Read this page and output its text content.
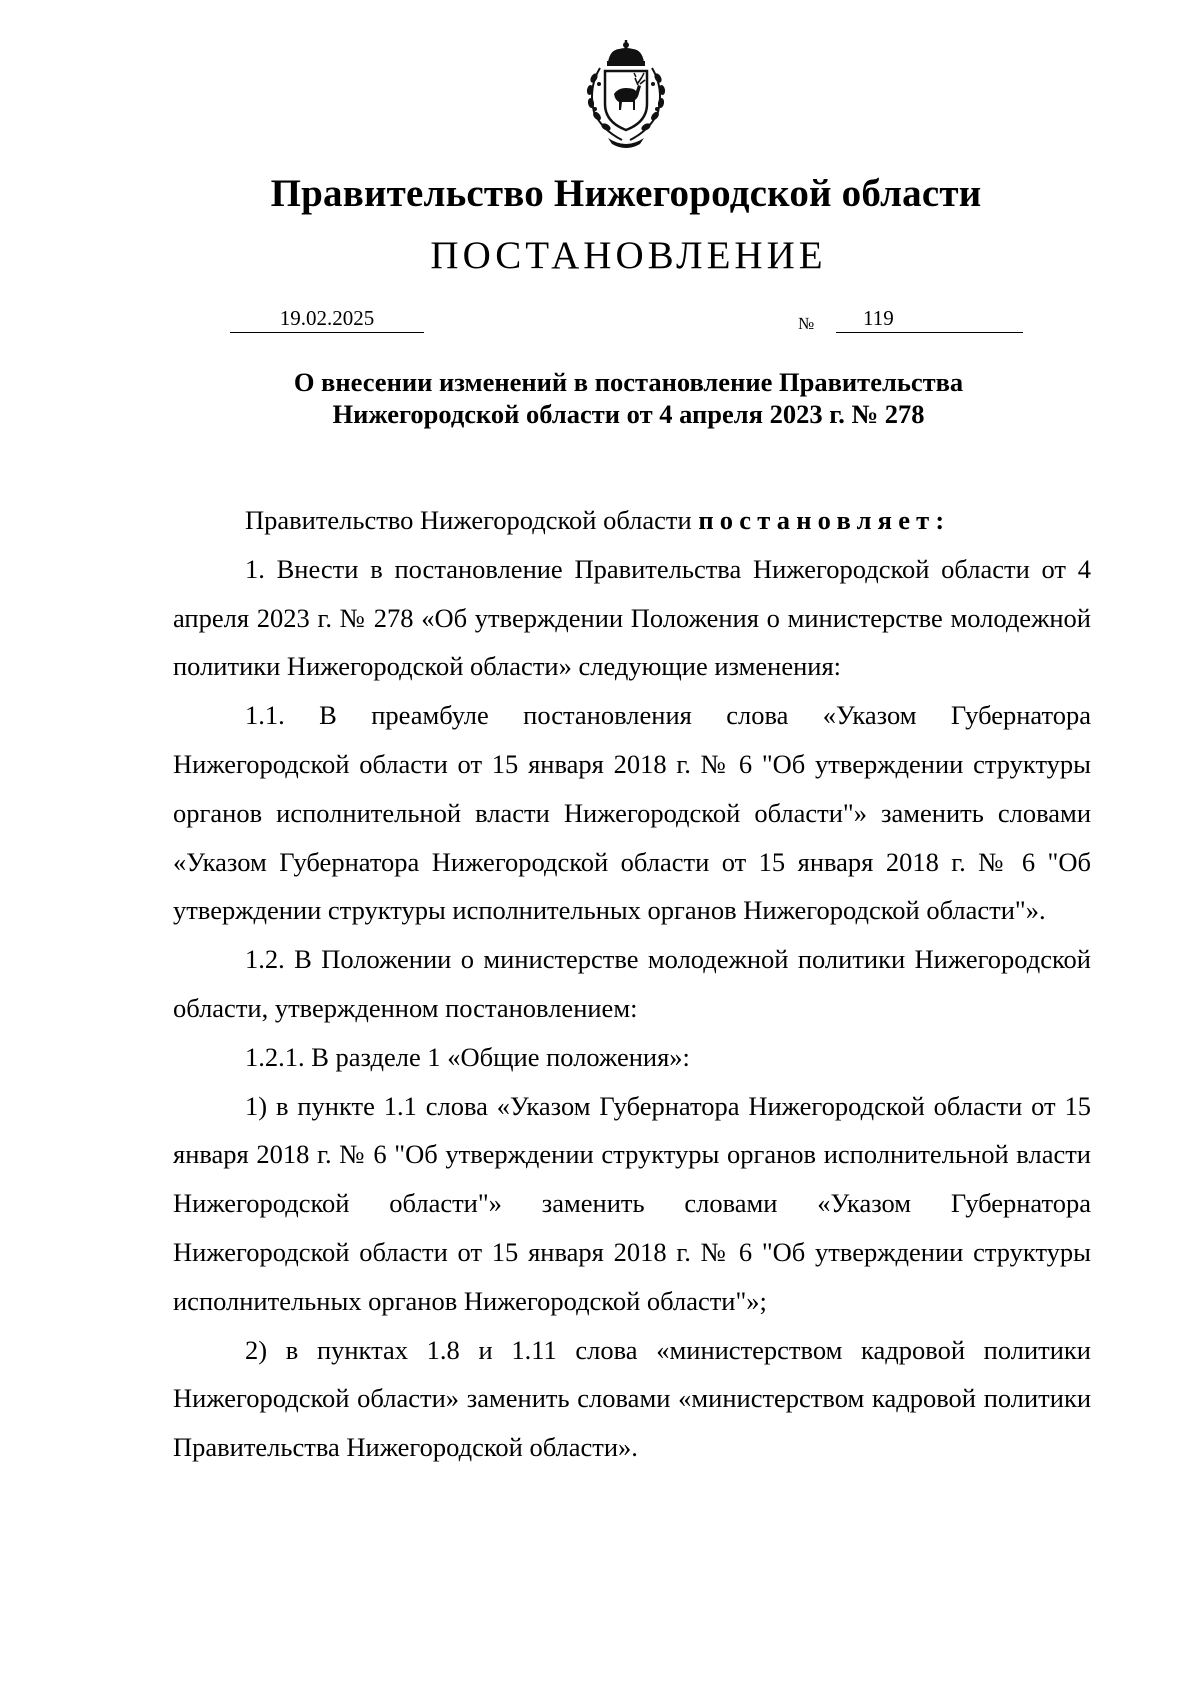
Правительство Нижегородской области
ПОСТАНОВЛЕНИЕ
19.02.2025	№	119
О внесении изменений в постановление Правительства
Нижегородской области от 4 апреля 2023 г. № 278

Правительство Нижегородской области постановляет:

1. Внести в постановление Правительства Нижегородской области от 4 апреля 2023 г. № 278 «Об утверждении Положения о министерстве молодежной политики Нижегородской области» следующие изменения:

1.1. В преамбуле постановления слова «Указом Губернатора Нижегородской области от 15 января 2018 г. № 6 "Об утверждении структуры органов исполнительной власти Нижегородской области"» заменить словами «Указом Губернатора Нижегородской области от 15 января 2018 г. № 6 "Об утверждении структуры исполнительных органов Нижегородской области"».

1.2. В Положении о министерстве молодежной политики Нижегородской области, утвержденном постановлением:

1.2.1. В разделе 1 «Общие положения»:

1) в пункте 1.1 слова «Указом Губернатора Нижегородской области от 15 января 2018 г. № 6 "Об утверждении структуры органов исполнительной власти Нижегородской области"» заменить словами «Указом Губернатора Нижегородской области от 15 января 2018 г. № 6 "Об утверждении структуры исполнительных органов Нижегородской области"»;

2) в пунктах 1.8 и 1.11 слова «министерством кадровой политики Нижегородской области» заменить словами «министерством кадровой политики Правительства Нижегородской области».
